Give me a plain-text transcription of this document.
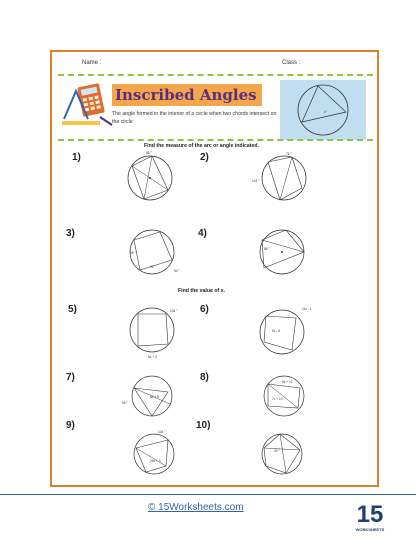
Name :	Class :
Inscribed Angles
The angle formed in the interior of a circle when two chords intersect on the circle
z°
Find the measure of the arc or angle indicated.
Find the value of x.
1)	2)
3)	4)
5)	6)
7)	8)
9)	10)
86 °	76 °
144 °
85 °
95 °
90 °
86 °
104 °
8x + 4
11x - 1
9x - 8
8x + 5
96 °
8x + 12
7x + 13
104 °
25x + 3
30 °
© 15Worksheets.com	15
WORKSHEETS
